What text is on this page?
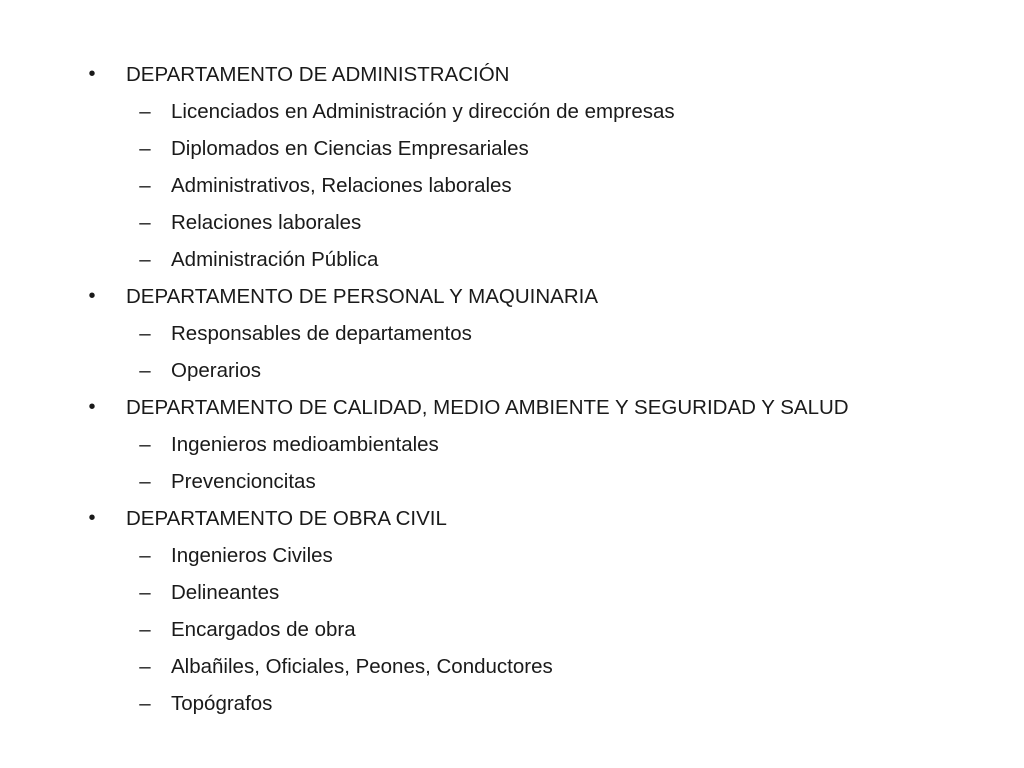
• DEPARTAMENTO DE ADMINISTRACIÓN
– Licenciados en Administración y dirección de empresas
– Diplomados en Ciencias Empresariales
– Administrativos, Relaciones laborales
– Relaciones laborales
– Administración Pública
• DEPARTAMENTO DE PERSONAL Y MAQUINARIA
– Responsables de departamentos
– Operarios
• DEPARTAMENTO DE CALIDAD, MEDIO AMBIENTE Y SEGURIDAD Y SALUD
– Ingenieros medioambientales
– Prevencioncitas
• DEPARTAMENTO DE OBRA CIVIL
– Ingenieros Civiles
– Delineantes
– Encargados de obra
– Albañiles, Oficiales, Peones, Conductores
– Topógrafos
